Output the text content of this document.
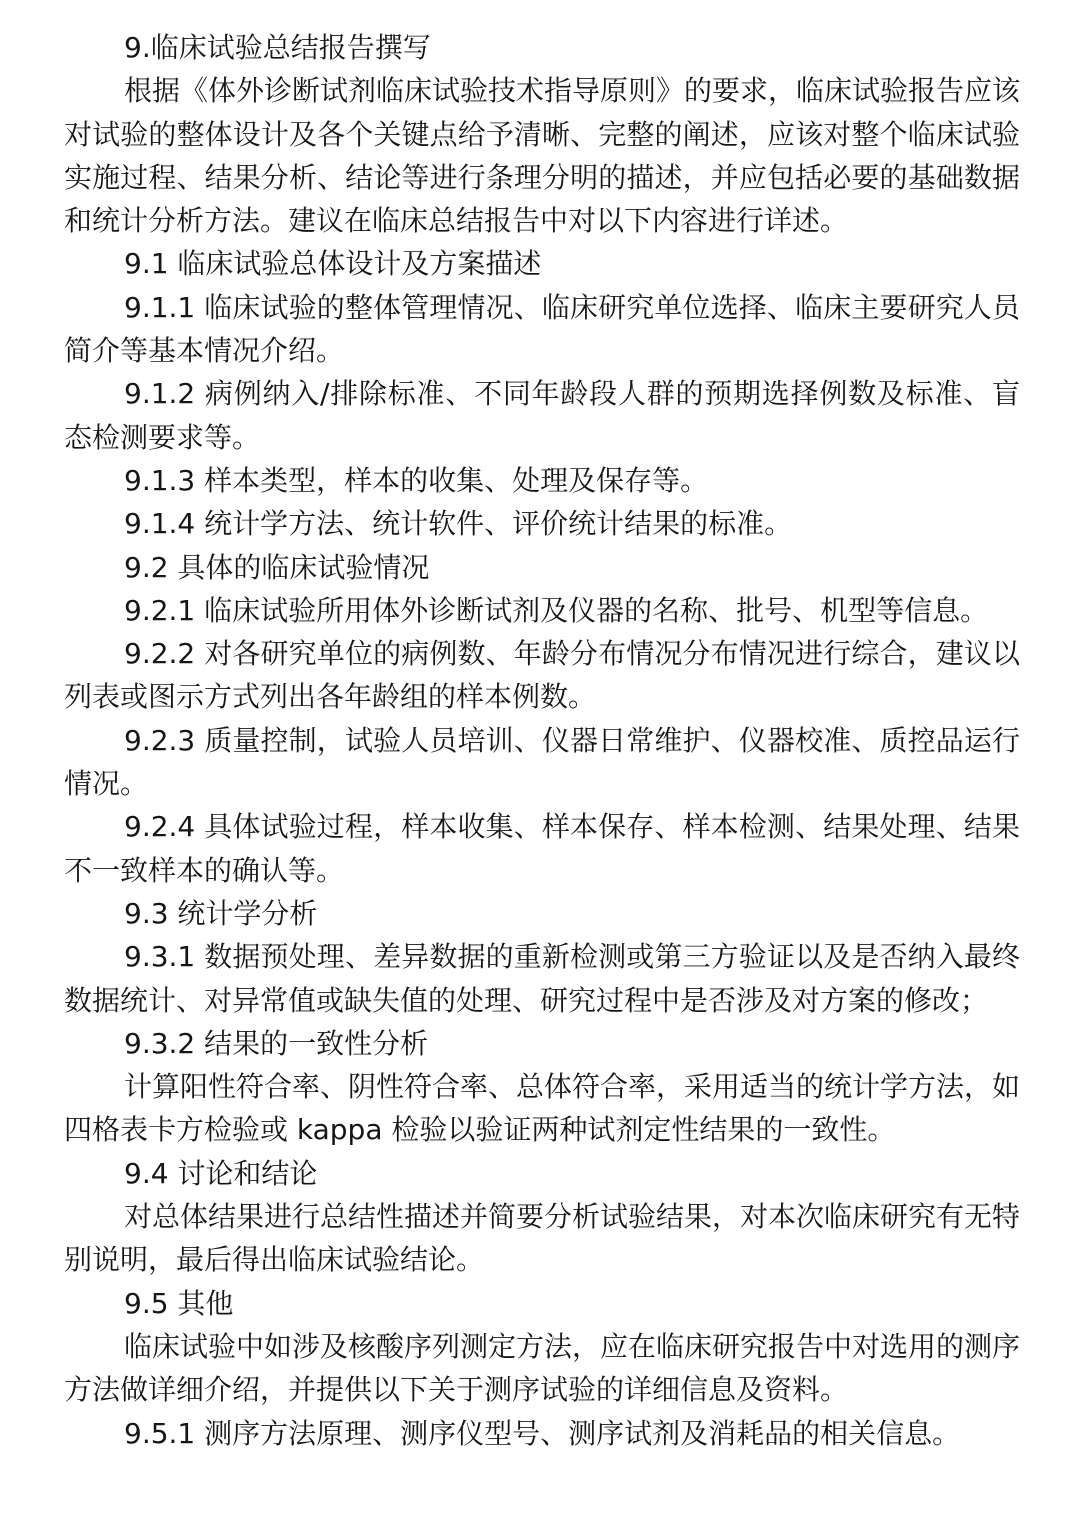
9.临床试验总结报告撰写

根据《体外诊断试剂临床试验技术指导原则》的要求，临床试验报告应该对试验的整体设计及各个关键点给予清晰、完整的阐述，应该对整个临床试验实施过程、结果分析、结论等进行条理分明的描述，并应包括必要的基础数据和统计分析方法。建议在临床总结报告中对以下内容进行详述。

9.1 临床试验总体设计及方案描述

9.1.1 临床试验的整体管理情况、临床研究单位选择、临床主要研究人员简介等基本情况介绍。

9.1.2 病例纳入/排除标准、不同年龄段人群的预期选择例数及标准、盲态检测要求等。

9.1.3 样本类型，样本的收集、处理及保存等。

9.1.4 统计学方法、统计软件、评价统计结果的标准。

9.2 具体的临床试验情况

9.2.1 临床试验所用体外诊断试剂及仪器的名称、批号、机型等信息。

9.2.2 对各研究单位的病例数、年龄分布情况分布情况进行综合，建议以列表或图示方式列出各年龄组的样本例数。

9.2.3 质量控制，试验人员培训、仪器日常维护、仪器校准、质控品运行情况。

9.2.4 具体试验过程，样本收集、样本保存、样本检测、结果处理、结果不一致样本的确认等。

9.3 统计学分析

9.3.1 数据预处理、差异数据的重新检测或第三方验证以及是否纳入最终数据统计、对异常值或缺失值的处理、研究过程中是否涉及对方案的修改；

9.3.2 结果的一致性分析

计算阳性符合率、阴性符合率、总体符合率，采用适当的统计学方法，如四格表卡方检验或 kappa 检验以验证两种试剂定性结果的一致性。

9.4 讨论和结论

对总体结果进行总结性描述并简要分析试验结果，对本次临床研究有无特别说明，最后得出临床试验结论。

9.5 其他

临床试验中如涉及核酸序列测定方法，应在临床研究报告中对选用的测序方法做详细介绍，并提供以下关于测序试验的详细信息及资料。

9.5.1 测序方法原理、测序仪型号、测序试剂及消耗品的相关信息。
